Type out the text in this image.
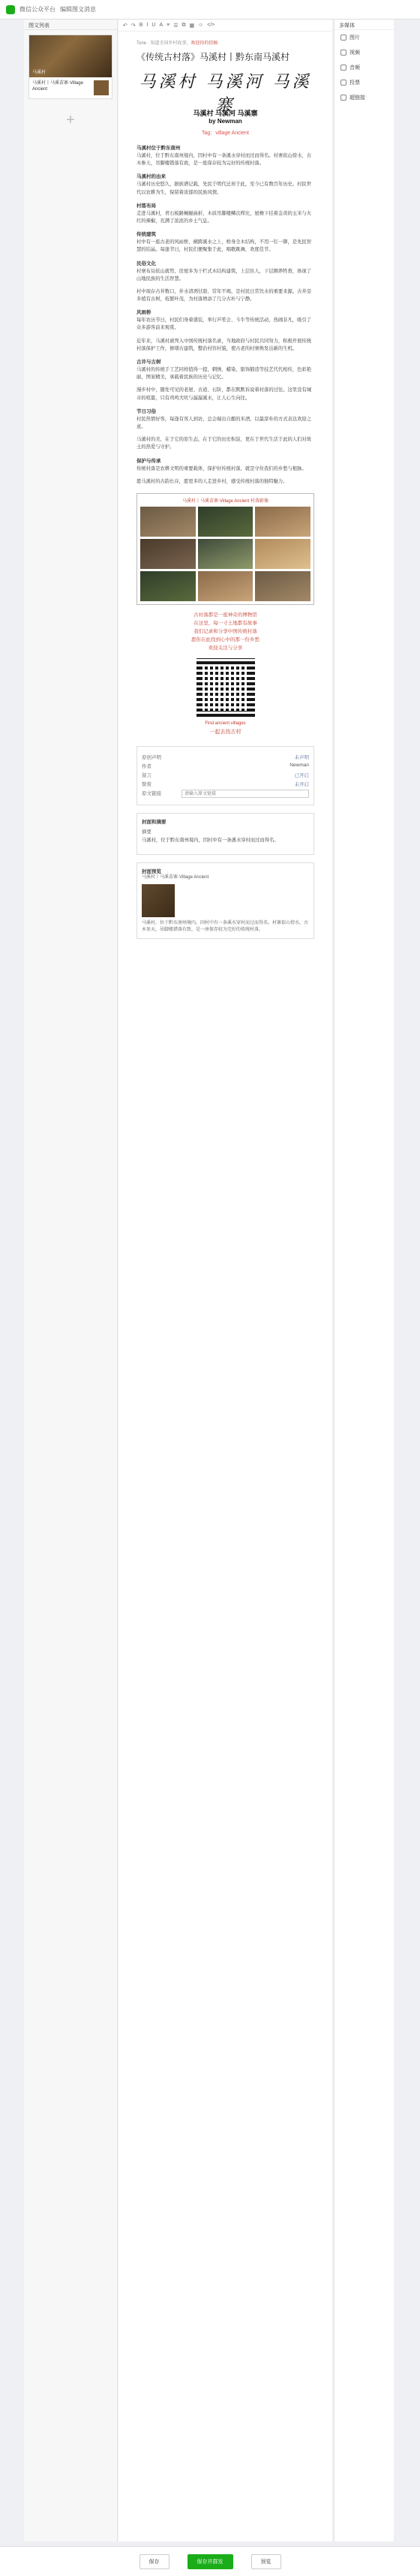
微信公众平台 编辑图文消息
图文列表
马溪村
马溪村丨马溪苗寨·Village Ancient
+
↶ ↷ B I U A ≡ ☰ ⧉ ▦ ☺ </>
Tone · 知道全国乡村故事，欢迎你的投稿
《传统古村落》马溪村丨黔东南马溪村
马溪村 马溪河 马溪寨
马溪村 马溪河 马溪寨
by Newman
Tag：village Ancient
马溪村位于黔东南州
马溪村，位于黔东南州境内，因村中有一条溪水穿村而过而得名。村寨依山傍水，古木参天，吊脚楼错落有致，是一座保存较为完好的传统村落。
马溪村的由来
马溪村历史悠久，据族谱记载，先民于明代迁居于此，至今已有数百年历史。村民世代以农耕为生，保留着浓郁的民族风情。
村落布局
走进马溪村，青石板路蜿蜒曲折，木质吊脚楼鳞次栉比，屋檐下挂着金黄的玉米与火红的辣椒，充满了浓浓的乡土气息。
传统建筑
村中有一座古老的风雨桥，横跨溪水之上，桥身全木结构，不用一钉一铆，是先民智慧的结晶。每逢节日，村民们便聚集于此，唱歌跳舞，欢度佳节。
民俗文化
村寨布局依山就势，房屋多为干栏式木结构建筑，上层住人，下层圈养牲畜，体现了山地民族的生活智慧。
村中现存古井数口，井水清冽甘甜，常年不竭，是村民日常饮水的重要来源。古井旁多植有古树，枝繁叶茂，为村落增添了几分古朴与宁静。
风雨桥
每年农历节日，村民们身着盛装，举行芦笙会、斗牛等传统活动，热闹非凡，吸引了众多游客前来观赏。
近年来，马溪村被列入中国传统村落名录，当地政府与村民共同努力，积极开展传统村落保护工作，修缮古建筑，整治村容村貌，使古老的村寨焕发出新的生机。
古井与古树
马溪村的传统手工艺同样值得一提，刺绣、蜡染、银饰锻造等技艺代代相传，色彩艳丽，图案精美，承载着民族的历史与记忆。
漫步村中，随处可见的老屋、古道、石阶，都在默默诉说着村落的过往。这里没有城市的喧嚣，只有鸡鸣犬吠与潺潺溪水，让人心生向往。
节日习俗
村民热情好客，每逢有客人到访，总会端出自酿的米酒，以最淳朴的方式表达欢迎之意。
马溪村的美，在于它的原生态，在于它的历史积淀，更在于世代生活于此的人们对故土的热爱与守护。
保护与传承
传统村落是农耕文明的重要载体，保护好传统村落，就是守住我们的乡愁与根脉。
愿马溪村的古韵长存，愿更多的人走进乡村，感受传统村落的独特魅力。
马溪村丨马溪苗寨·Village Ancient 村落影像
古村落都是一座神奇的博物馆
在这里，每一寸土地都有故事
我们记录和分享中国传统村落
愿你在此找到心中的那一份乡愁
欢迎关注与分享
Find ancient villages
一起去找古村
原创声明	未声明
作者	Newman
留言	已开启
赞赏	未开启
原文链接
请输入原文链接
封面和摘要
摘要
马溪村，位于黔东南州境内，因村中有一条溪水穿村而过而得名。
封面预览
马溪村丨马溪苗寨·Village Ancient
马溪村，位于黔东南州境内，因村中有一条溪水穿村而过而得名。村寨依山傍水，古木参天，吊脚楼错落有致，是一座保存较为完好的传统村落。
多媒体
图片
视频
音频
投票
超链接
保存	保存并群发	预览
